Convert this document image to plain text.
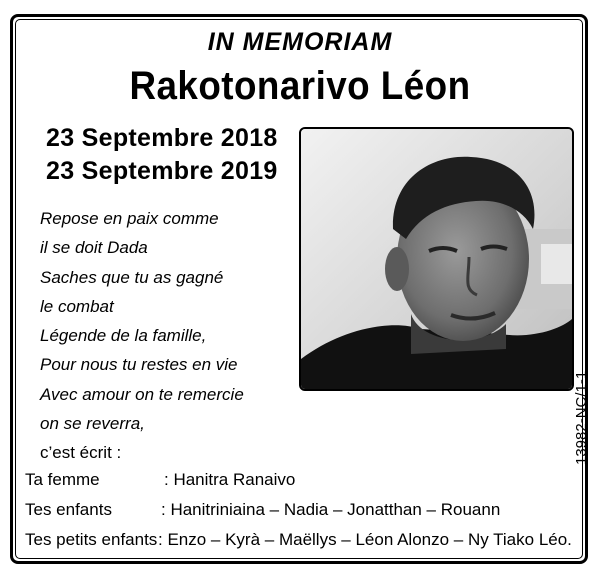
IN MEMORIAM
Rakotonarivo Léon
23 Septembre 2018
23 Septembre 2019
Repose en paix comme
il se doit Dada
Saches que tu as gagné
le combat
Légende de la famille,
Pour nous tu restes en vie
Avec amour on te remercie
on se reverra,
c’est écrit :	13982-NC/1-1
Ta femme	: Hanitra Ranaivo
Tes enfants	: Hanitriniaina – Nadia – Jonatthan – Rouann
Tes petits enfants : Enzo – Kyrà – Maëllys – Léon Alonzo – Ny Tiako Léo.
